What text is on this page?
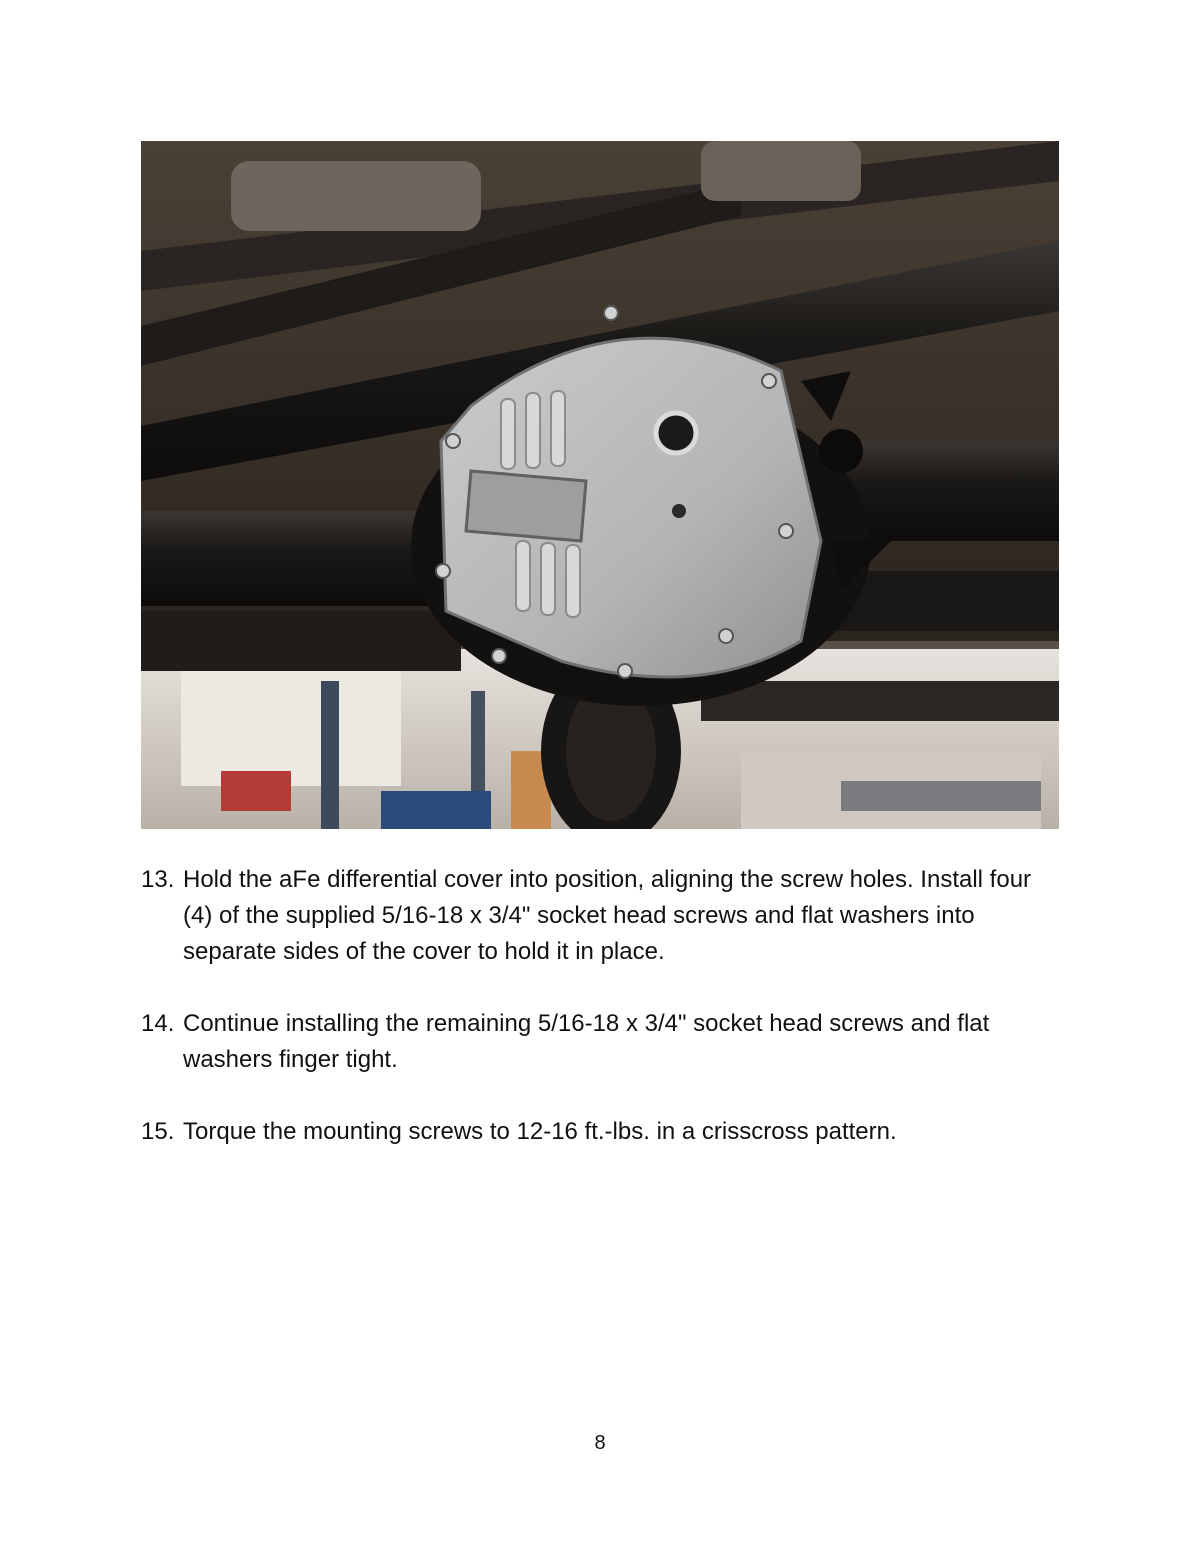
13. Hold the aFe differential cover into position, aligning the screw holes. Install four (4) of the supplied 5/16-18 x 3/4" socket head screws and flat washers into separate sides of the cover to hold it in place.
14. Continue installing the remaining 5/16-18 x 3/4" socket head screws and flat washers finger tight.
15. Torque the mounting screws to 12-16 ft.-lbs. in a crisscross pattern.
8
